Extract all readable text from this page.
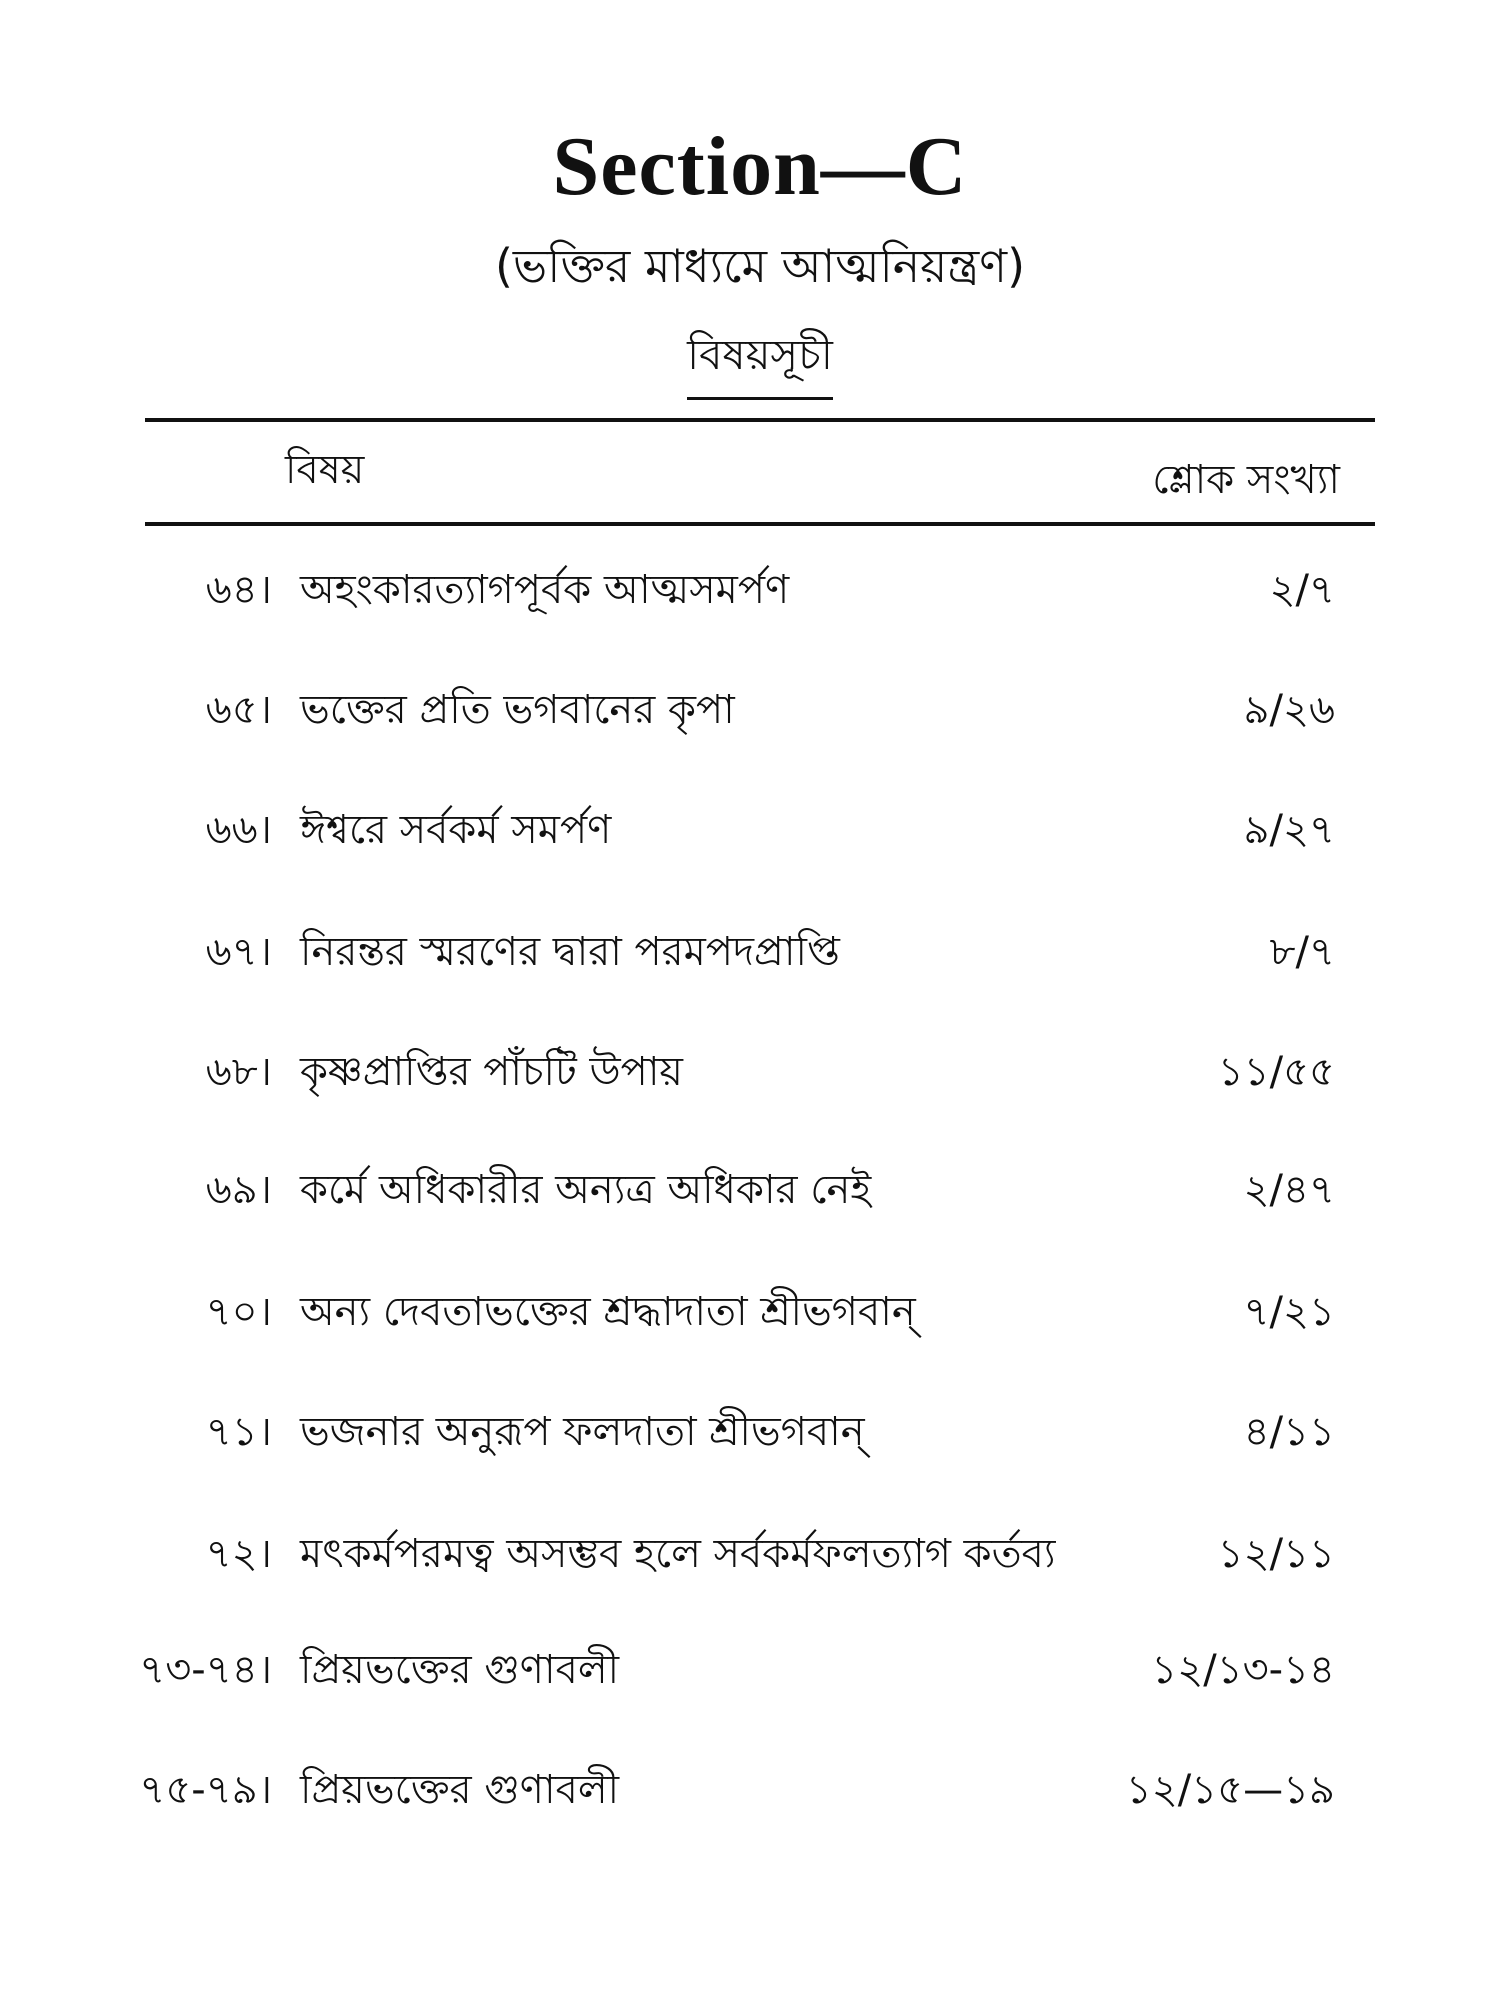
Section—C
(ভক্তির মাধ্যমে আত্মনিয়ন্ত্রণ)
বিষয়সূচী
বিষয়	শ্লোক সংখ্যা
৬৪। অহংকারত্যাগপূর্বক আত্মসমর্পণ	২/৭
৬৫। ভক্তের প্রতি ভগবানের কৃপা	৯/২৬
৬৬। ঈশ্বরে সর্বকর্ম সমর্পণ	৯/২৭
৬৭। নিরন্তর স্মরণের দ্বারা পরমপদপ্রাপ্তি	৮/৭
৬৮। কৃষ্ণপ্রাপ্তির পাঁচটি উপায়	১১/৫৫
৬৯। কর্মে অধিকারীর অন্যত্র অধিকার নেই	২/৪৭
৭০। অন্য দেবতাভক্তের শ্রদ্ধাদাতা শ্রীভগবান্	৭/২১
৭১। ভজনার অনুরূপ ফলদাতা শ্রীভগবান্	৪/১১
৭২। মৎকর্মপরমত্ব অসম্ভব হলে সর্বকর্মফলত্যাগ কর্তব্য	১২/১১
৭৩-৭৪। প্রিয়ভক্তের গুণাবলী	১২/১৩-১৪
৭৫-৭৯। প্রিয়ভক্তের গুণাবলী	১২/১৫—১৯
